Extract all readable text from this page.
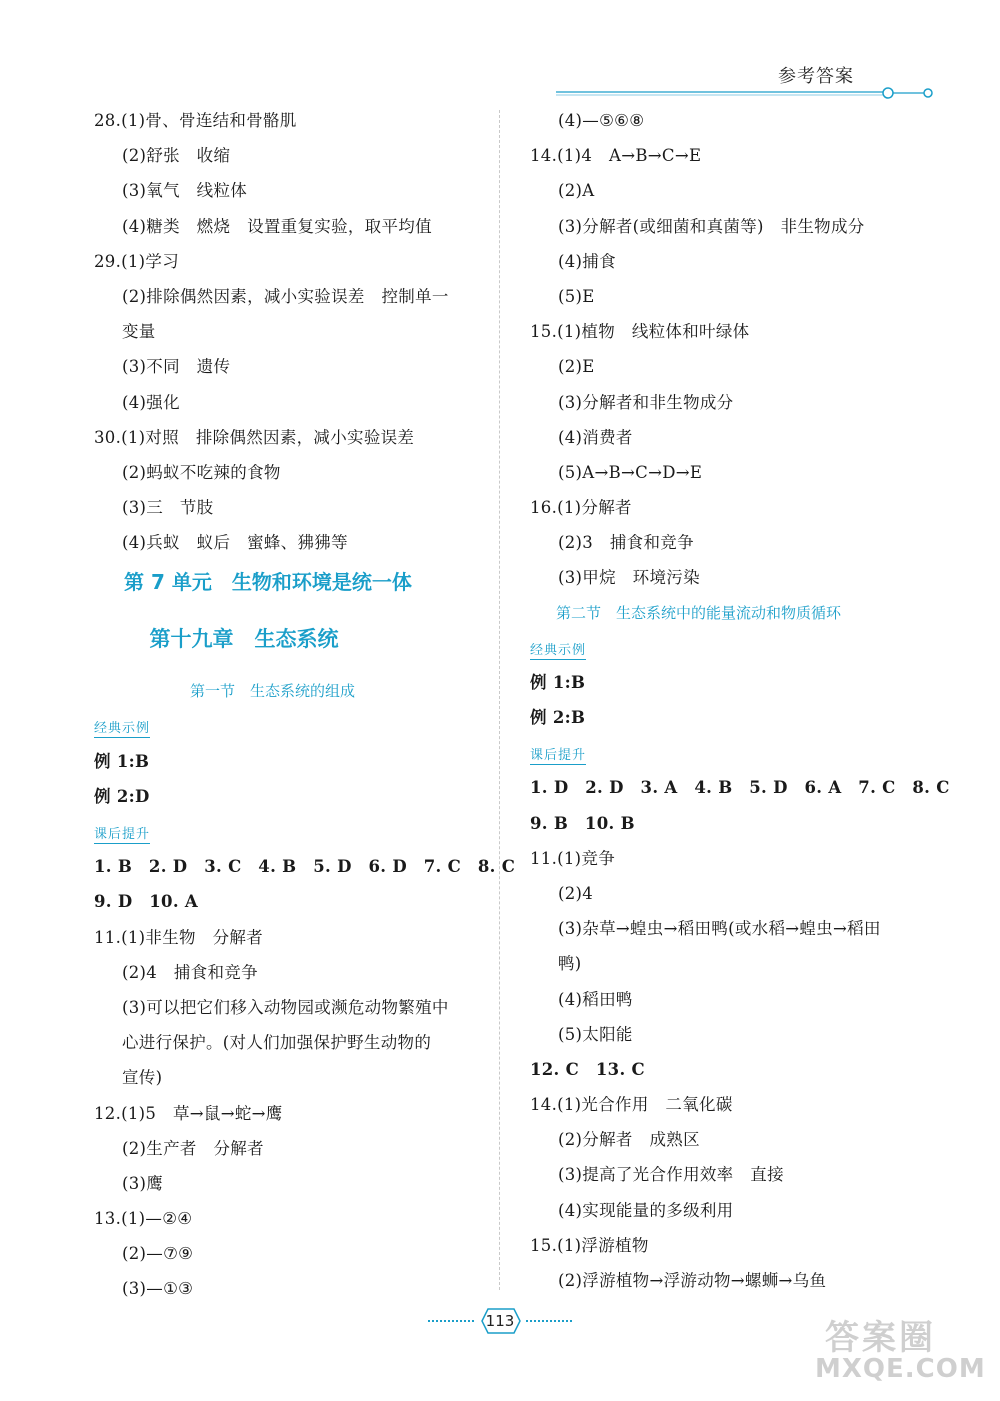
参考答案
28.(1)骨、骨连结和骨骼肌
(2)舒张　收缩
(3)氧气　线粒体
(4)糖类　燃烧　设置重复实验，取平均值
29.(1)学习
(2)排除偶然因素，减小实验误差　控制单一
变量
(3)不同　遗传
(4)强化
30.(1)对照　排除偶然因素，减小实验误差
(2)蚂蚁不吃辣的食物
(3)三　节肢
(4)兵蚁　蚁后　蜜蜂、狒狒等
第 7 单元　生物和环境是统一体
第十九章　生态系统
第一节　生态系统的组成
经典示例
例 1:B
例 2:D
课后提升
1. B　2. D　3. C　4. B　5. D　6. D　7. C　8. C
9. D　10. A
11.(1)非生物　分解者
(2)4　捕食和竞争
(3)可以把它们移入动物园或濒危动物繁殖中
心进行保护。(对人们加强保护野生动物的
宣传)
12.(1)5　草→鼠→蛇→鹰
(2)生产者　分解者
(3)鹰
13.(1)—②④
(2)—⑦⑨
(3)—①③
(4)—⑤⑥⑧
14.(1)4　A→B→C→E
(2)A
(3)分解者(或细菌和真菌等)　非生物成分
(4)捕食
(5)E
15.(1)植物　线粒体和叶绿体
(2)E
(3)分解者和非生物成分
(4)消费者
(5)A→B→C→D→E
16.(1)分解者
(2)3　捕食和竞争
(3)甲烷　环境污染
第二节　生态系统中的能量流动和物质循环
经典示例
例 1:B
例 2:B
课后提升
1. D　2. D　3. A　4. B　5. D　6. A　7. C　8. C
9. B　10. B
11.(1)竞争
(2)4
(3)杂草→蝗虫→稻田鸭(或水稻→蝗虫→稻田
鸭)
(4)稻田鸭
(5)太阳能
12. C　13. C
14.(1)光合作用　二氧化碳
(2)分解者　成熟区
(3)提高了光合作用效率　直接
(4)实现能量的多级利用
15.(1)浮游植物
(2)浮游植物→浮游动物→螺蛳→乌鱼
113	答案圈
MXQE.COM
